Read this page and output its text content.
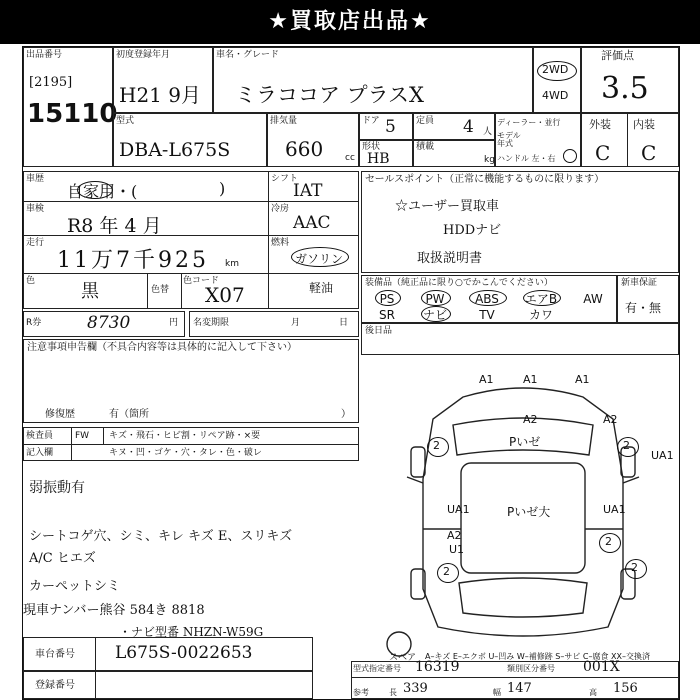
★買取店出品★
出品番号
[2195]
15110
初度登録年月
H21 9月
車名・グレード
ミラココア プラスX
2WD
4WD
評価点
3.5
型式
DBA-L675S
排気量
660 cc
ドア 5 定員 4 人
形状
HB
積載
kg
ディーラー・並行
モデル年式
ハンドル 左・右
外装 内装
C C
車歴
自家用・(	)
車検
R8 年 4 月
走行
11万7千925 km
色	黒	色替
色コード
X07
シフト
IAT
冷房
AAC
燃料
ガソリン
軽油
R券	8730	円 名変期限	月	日
セールスポイント（正常に機能するものに限ります）
☆ユーザー買取車
HDDナビ
取扱説明書
装備品（純正品に限り○でかこんでください）
PS	PW	ABS	エアB	AW
SR	ナビ	TV	カワ
新車保証
有・無
後日品
注意事項申告欄（不具合内容等は具体的に記入して下さい）
修復歴	有（箇所	）
検査員
記入欄
FW キズ・飛石・ヒビ割・リペア跡・×要
キヌ・凹・ゴケ・穴・タレ・色・破レ
弱振動有
シートコゲ穴、シミ、キレ キズ E、スリキズ
A/C ヒエズ
カーペットシミ
現車ナンバー熊谷 584き 8818
・ナビ型番 NHZN-W59G
A1	A1	A1
A2
Pいゼ
Pいゼ大
2
UA1
A2
U1
2
A2
2
UA1
UA1
2
2
スペア A–キズ E–エクボ U–凹み W–補修跡 S–サビ C–腐食 XX–交換済
車台番号 L675S-0022653
登録番号
型式指定番号 16319	類別区分番号 001X
参考	長 339	幅 147	高 156
